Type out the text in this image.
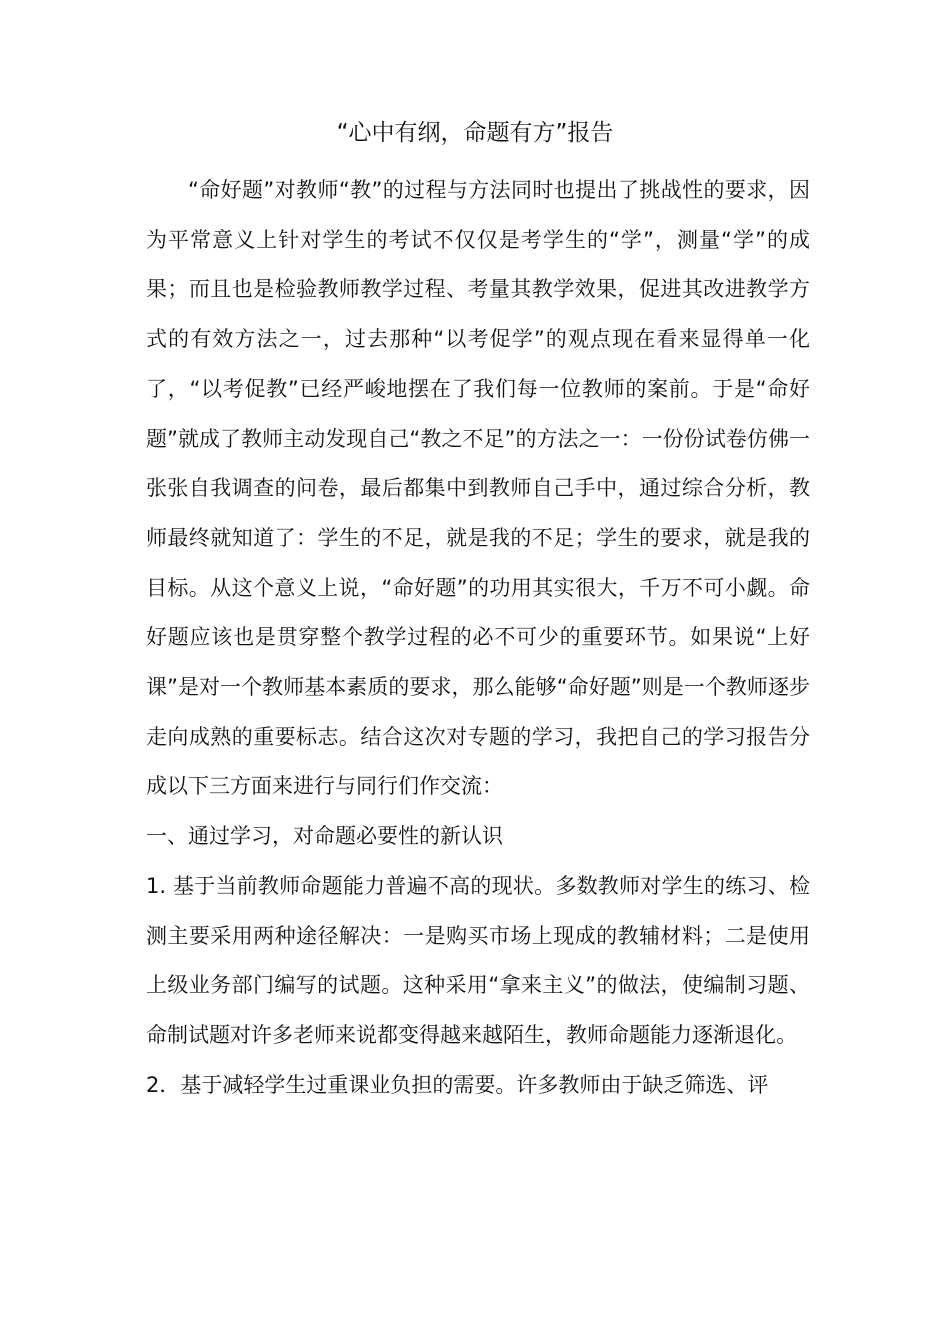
“心中有纲，命题有方”报告

“命好题”对教师“教”的过程与方法同时也提出了挑战性的要求，因为平常意义上针对学生的考试不仅仅是考学生的“学”，测量“学”的成果；而且也是检验教师教学过程、考量其教学效果，促进其改进教学方式的有效方法之一，过去那种“以考促学”的观点现在看来显得单一化了，“以考促教”已经严峻地摆在了我们每一位教师的案前。于是“命好题”就成了教师主动发现自己“教之不足”的方法之一：一份份试卷仿佛一张张自我调查的问卷，最后都集中到教师自己手中，通过综合分析，教师最终就知道了：学生的不足，就是我的不足；学生的要求，就是我的目标。从这个意义上说，“命好题”的功用其实很大，千万不可小觑。命好题应该也是贯穿整个教学过程的必不可少的重要环节。如果说“上好课”是对一个教师基本素质的要求，那么能够“命好题”则是一个教师逐步走向成熟的重要标志。结合这次对专题的学习，我把自己的学习报告分成以下三方面来进行与同行们作交流：

一、通过学习，对命题必要性的新认识

1. 基于当前教师命题能力普遍不高的现状。多数教师对学生的练习、检测主要采用两种途径解决：一是购买市场上现成的教辅材料；二是使用上级业务部门编写的试题。这种采用“拿来主义”的做法，使编制习题、命制试题对许多老师来说都变得越来越陌生，教师命题能力逐渐退化。

2．基于减轻学生过重课业负担的需要。许多教师由于缺乏筛选、评
